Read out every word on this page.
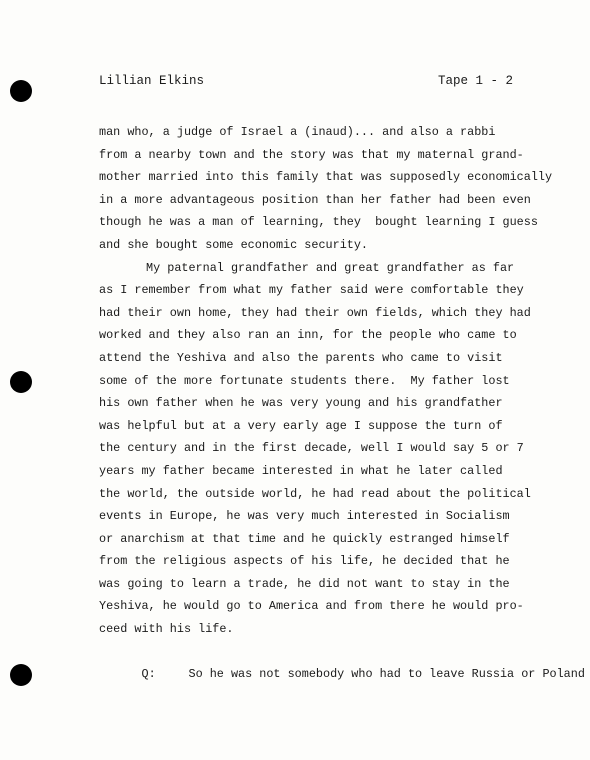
Lillian Elkins	Tape 1 - 2
man who, a judge of Israel a (inaud)... and also a rabbi
from a nearby town and the story was that my maternal grand-
mother married into this family that was supposedly economically
in a more advantageous position than her father had been even
though he was a man of learning, they  bought learning I guess
and she bought some economic security.
My paternal grandfather and great grandfather as far
as I remember from what my father said were comfortable they
had their own home, they had their own fields, which they had
worked and they also ran an inn, for the people who came to
attend the Yeshiva and also the parents who came to visit
some of the more fortunate students there.  My father lost
his own father when he was very young and his grandfather
was helpful but at a very early age I suppose the turn of
the century and in the first decade, well I would say 5 or 7
years my father became interested in what he later called
the world, the outside world, he had read about the political
events in Europe, he was very much interested in Socialism
or anarchism at that time and he quickly estranged himself
from the religious aspects of his life, he decided that he
was going to learn a trade, he did not want to stay in the
Yeshiva, he would go to America and from there he would pro-
ceed with his life.

Q:	So he was not somebody who had to leave Russia or Poland
